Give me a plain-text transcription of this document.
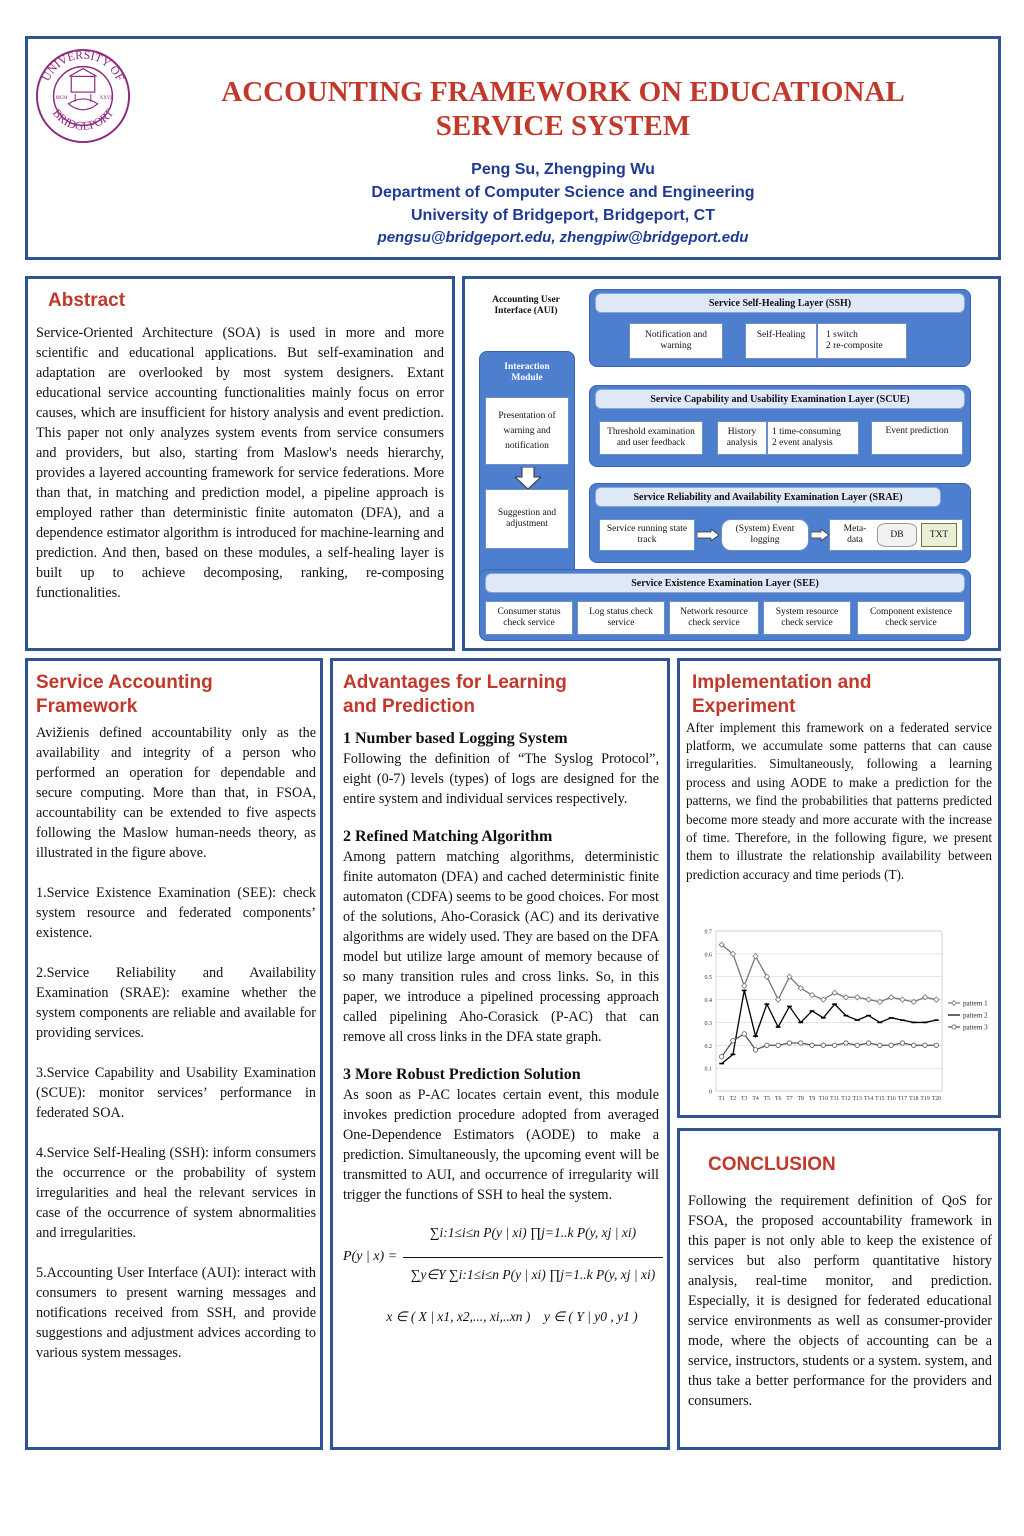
UNIVERSITY OF
BRIDGEPORT
MCM	XXVII	ACCOUNTING FRAMEWORK ON EDUCATIONAL
SERVICE SYSTEM
Peng Su, Zhengping Wu
Department of Computer Science and Engineering
University of Bridgeport, Bridgeport, CT
pengsu@bridgeport.edu, zhengpiw@bridgeport.edu

Abstract

Service-Oriented Architecture (SOA) is used in more and more scientific and educational applications. But self-examination and adaptation are overlooked by most system designers. Extant educational service accounting functionalities mainly focus on error causes, which are insufficient for history analysis and event prediction. This paper not only analyzes system events from service consumers and providers, but also, starting from Maslow's needs hierarchy, provides a layered accounting framework for service federations. More than that, in matching and prediction model, a pipeline approach is employed rather than deterministic finite automaton (DFA), and a dependence estimator algorithm is introduced for machine-learning and prediction. And then, based on these modules, a self-healing layer is built up to achieve decomposing, ranking, re-composing functionalities.

Accounting User Interface (AUI)
Interaction Module
Presentation of warning and notification
Suggestion and adjustment
Service Self-Healing Layer (SSH)
Notification and warning
Self-Healing	1 switch
2 re-composite
Service Capability and Usability Examination Layer (SCUE)
Threshold examination and user feedback
History analysis
1 time-consuming
2 event analysis
Event prediction
Service Reliability and Availability Examination Layer (SRAE)
Service running state track
(System) Event logging
Meta-data
DB	TXT
Service Existence Examination Layer (SEE)
Consumer status check service
Log status check service
Network resource check service
System resource check service
Component existence check service

Service Accounting
Framework

Avižienis defined accountability only as the availability and integrity of a person who performed an operation for dependable and secure computing. More than that, in FSOA, accountability can be extended to five aspects following the Maslow human-needs theory, as illustrated in the figure above.

1.Service Existence Examination (SEE): check system resource and federated components’ existence.

2.Service Reliability and Availability Examination (SRAE): examine whether the system components are reliable and available for providing services.

3.Service Capability and Usability Examination (SCUE): monitor services’ performance in federated SOA.

4.Service Self-Healing (SSH): inform consumers the occurrence or the probability of system irregularities and heal the relevant services in case of the occurrence of system abnormalities and irregularities.

5.Accounting User Interface (AUI): interact with consumers to present warning messages and notifications received from SSH, and provide suggestions and adjustment advices according to various system messages.

Advantages for Learning
and Prediction

1 Number based Logging System

Following the definition of “The Syslog Protocol”, eight (0-7) levels (types) of logs are designed for the entire system and individual services respectively.

2 Refined Matching Algorithm

Among pattern matching algorithms, deterministic finite automaton (DFA) and cached deterministic finite automaton (CDFA) seems to be good choices. For most of the solutions, Aho-Corasick (AC) and its derivative algorithms are widely used. They are based on the DFA model but utilize large amount of memory because of so many transition rules and cross links. So, in this paper, we introduce a pipelined processing approach called pipelining Aho-Corasick (P-AC) that can remove all cross links in the DFA state graph.

3 More Robust Prediction Solution

As soon as P-AC locates certain event, this module invokes prediction procedure adopted from averaged One-Dependence Estimators (AODE) to make a prediction. Simultaneously, the upcoming event will be transmitted to AUI, and occurrence of irregularity will trigger the functions of SSH to heal the system.

P(y | x) =
∑i:1≤i≤n P(y | xi) ∏j=1..k P(y, xj | xi)
∑y∈Y ∑i:1≤i≤n P(y | xi) ∏j=1..k P(y, xj | xi)
x ∈ ( X | x1, x2,..., xi,..xn )    y ∈ ( Y | y0 , y1 )

Implementation and
Experiment

After implement this framework on a federated service platform, we accumulate some patterns that can cause irregularities. Simultaneously, following a learning process and using AODE to make a prediction for the patterns, we find the probabilities that patterns predicted become more steady and more accurate with the increase of time. Therefore, in the following figure, we present them to illustrate the relationship availability between prediction accuracy and time periods (T).

0
0.1
0.2
0.3
0.4
0.5
0.6
0.7
T1 T2 T3 T4 T5 T6 T7 T8 T9 T10 T11 T12 T13 T14 T15 T16 T17 T18 T19 T20
pattern 1
pattern 2
pattern 3

CONCLUSION

Following the requirement definition of QoS for FSOA, the proposed accountability framework in this paper is not only able to keep the existence of services but also perform quantitative history analysis, real-time monitor, and prediction. Especially, it is designed for federated educational service environments as well as consumer-provider mode, where the objects of accounting can be a service, instructors, students or a system. system, and thus take a better performance for the providers and consumers.
